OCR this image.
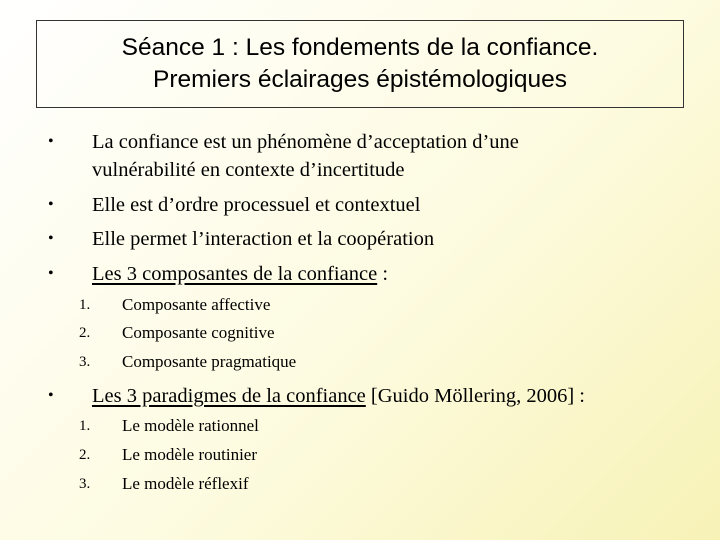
Séance 1 : Les fondements de la confiance.
Premiers éclairages épistémologiques
• La confiance est un phénomène d’acceptation d’une
vulnérabilité en contexte d’incertitude
• Elle est d’ordre processuel et contextuel
• Elle permet l’interaction et la coopération
• Les 3 composantes de la confiance :
1. Composante affective
2. Composante cognitive
3. Composante pragmatique
• Les 3 paradigmes de la confiance [Guido Möllering, 2006] :
1. Le modèle rationnel
2. Le modèle routinier
3. Le modèle réflexif
